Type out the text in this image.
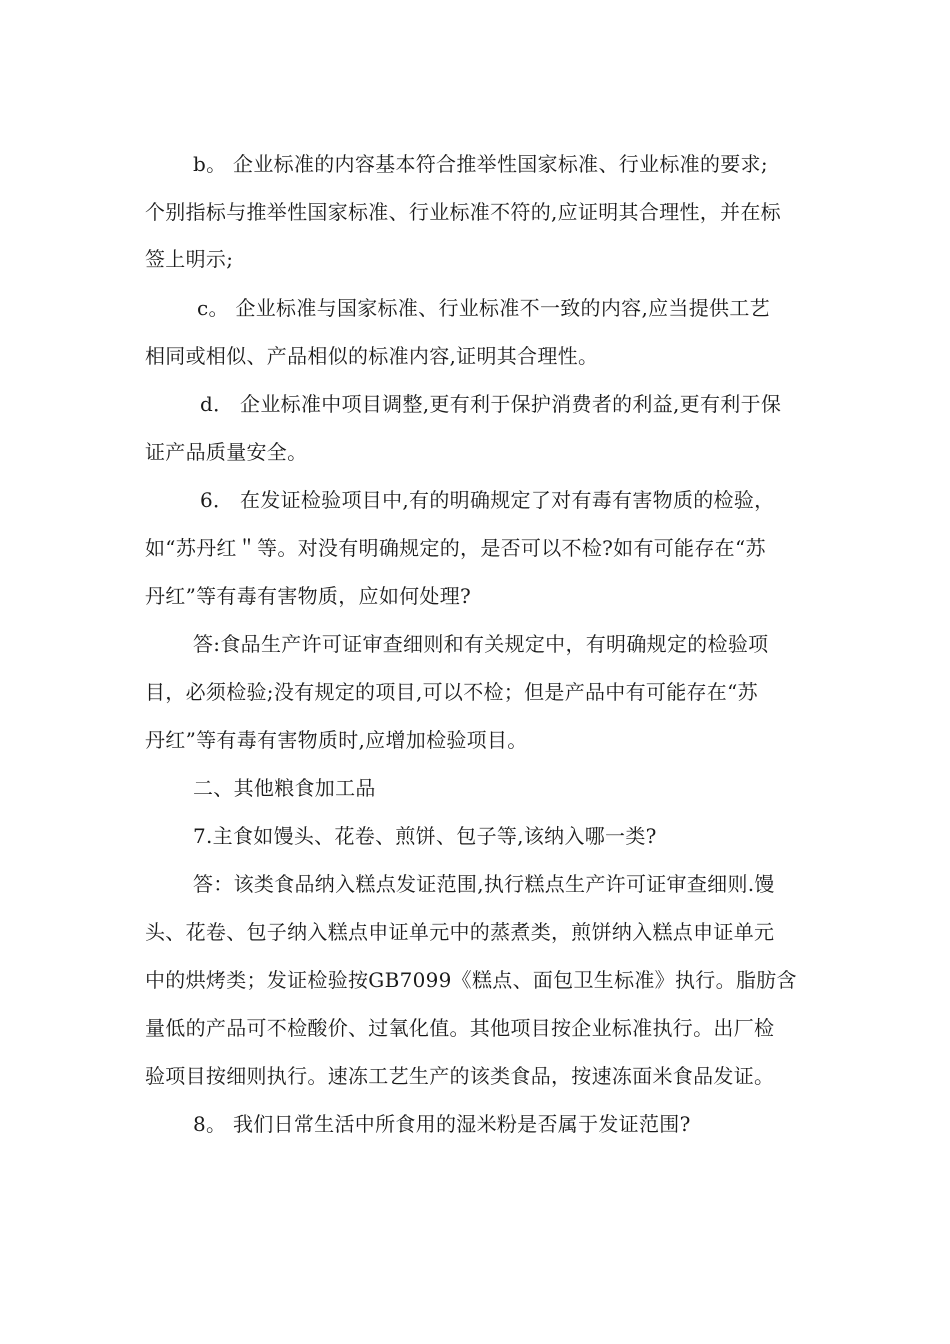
b。 企业标准的内容基本符合推举性国家标准、行业标准的要求;
个别指标与推举性国家标准、行业标准不符的,应证明其合理性，并在标
签上明示;
c。 企业标准与国家标准、行业标准不一致的内容,应当提供工艺
相同或相似、产品相似的标准内容,证明其合理性。
d． 企业标准中项目调整,更有利于保护消费者的利益,更有利于保
证产品质量安全。
6． 在发证检验项目中,有的明确规定了对有毒有害物质的检验，
如“苏丹红＂等。对没有明确规定的，是否可以不检?如有可能存在“苏
丹红”等有毒有害物质，应如何处理?
答:食品生产许可证审查细则和有关规定中，有明确规定的检验项
目，必须检验;没有规定的项目,可以不检；但是产品中有可能存在“苏
丹红”等有毒有害物质时,应增加检验项目。
二、其他粮食加工品
7.主食如馒头、花卷、煎饼、包子等,该纳入哪一类?
答：该类食品纳入糕点发证范围,执行糕点生产许可证审查细则.馒
头、花卷、包子纳入糕点申证单元中的蒸煮类，煎饼纳入糕点申证单元
中的烘烤类；发证检验按GB7099《糕点、面包卫生标准》执行。脂肪含
量低的产品可不检酸价、过氧化值。其他项目按企业标准执行。出厂检
验项目按细则执行。速冻工艺生产的该类食品，按速冻面米食品发证。
8。 我们日常生活中所食用的湿米粉是否属于发证范围?
